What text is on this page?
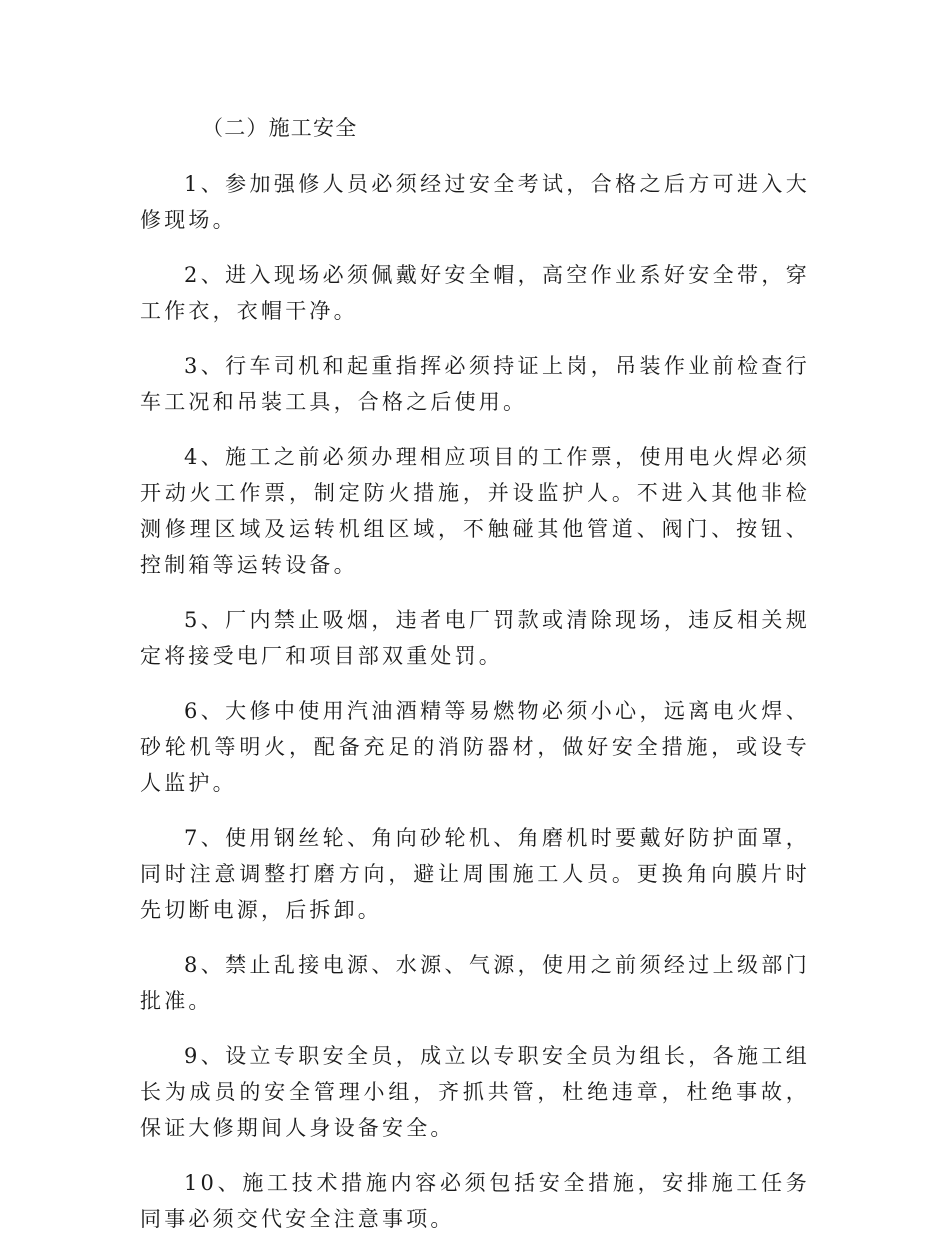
（二）施工安全

1、参加强修人员必须经过安全考试，合格之后方可进入大修现场。

2、进入现场必须佩戴好安全帽，高空作业系好安全带，穿工作衣，衣帽干净。

3、行车司机和起重指挥必须持证上岗，吊装作业前检查行车工况和吊装工具，合格之后使用。

4、施工之前必须办理相应项目的工作票，使用电火焊必须开动火工作票，制定防火措施，并设监护人。不进入其他非检测修理区域及运转机组区域，不触碰其他管道、阀门、按钮、控制箱等运转设备。

5、厂内禁止吸烟，违者电厂罚款或清除现场，违反相关规定将接受电厂和项目部双重处罚。

6、大修中使用汽油酒精等易燃物必须小心，远离电火焊、砂轮机等明火，配备充足的消防器材，做好安全措施，或设专人监护。

7、使用钢丝轮、角向砂轮机、角磨机时要戴好防护面罩，同时注意调整打磨方向，避让周围施工人员。更换角向膜片时先切断电源，后拆卸。

8、禁止乱接电源、水源、气源，使用之前须经过上级部门批准。

9、设立专职安全员，成立以专职安全员为组长，各施工组长为成员的安全管理小组，齐抓共管，杜绝违章，杜绝事故，保证大修期间人身设备安全。

10、施工技术措施内容必须包括安全措施，安排施工任务同事必须交代安全注意事项。
